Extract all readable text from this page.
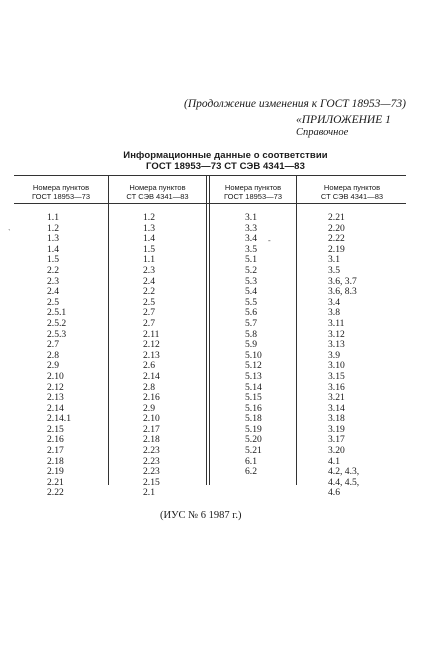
(Продолжение изменения к ГОСТ 18953—73)
«ПРИЛОЖЕНИЕ 1
Справочное
Информационные данные о соответствии
ГОСТ 18953—73 СТ СЭВ 4341—83
Номера пунктов
ГОСТ 18953—73
Номера пунктов
СТ СЭВ 4341—83
Номера пунктов
ГОСТ 18953—73
Номера пунктов
СТ СЭВ 4341—83
1.1
1.2
1.3
1.4
1.5
2.2
2.3
2.4
2.5
2.5.1
2.5.2
2.5.3
2.7
2.8
2.9
2.10
2.12
2.13
2.14
2.14.1
2.15
2.16
2.17
2.18
2.19
2.21
2.22
1.2
1.3
1.4
1.5
1.1
2.3
2.4
2.2
2.5
2.7
2.7
2.11
2.12
2.13
2.6
2.14
2.8
2.16
2.9
2.10
2.17
2.18
2.23
2.23
2.23
2.15
2.1
3.1
3.3
3.4
3.5
5.1
5.2
5.3
5.4
5.5
5.6
5.7
5.8
5.9
5.10
5.12
5.13
5.14
5.15
5.16
5.18
5.19
5.20
5.21
6.1
6.2
2.21
2.20
2.22
2.19
3.1
3.5
3.6, 3.7
3.6, 8.3
3.4
3.8
3.11
3.12
3.13
3.9
3.10
3.15
3.16
3.21
3.14
3.18
3.19
3.17
3.20
4.1
4.2, 4.3,
4.4, 4.5,
4.6
ˋ
-
(ИУС № 6 1987 г.)
